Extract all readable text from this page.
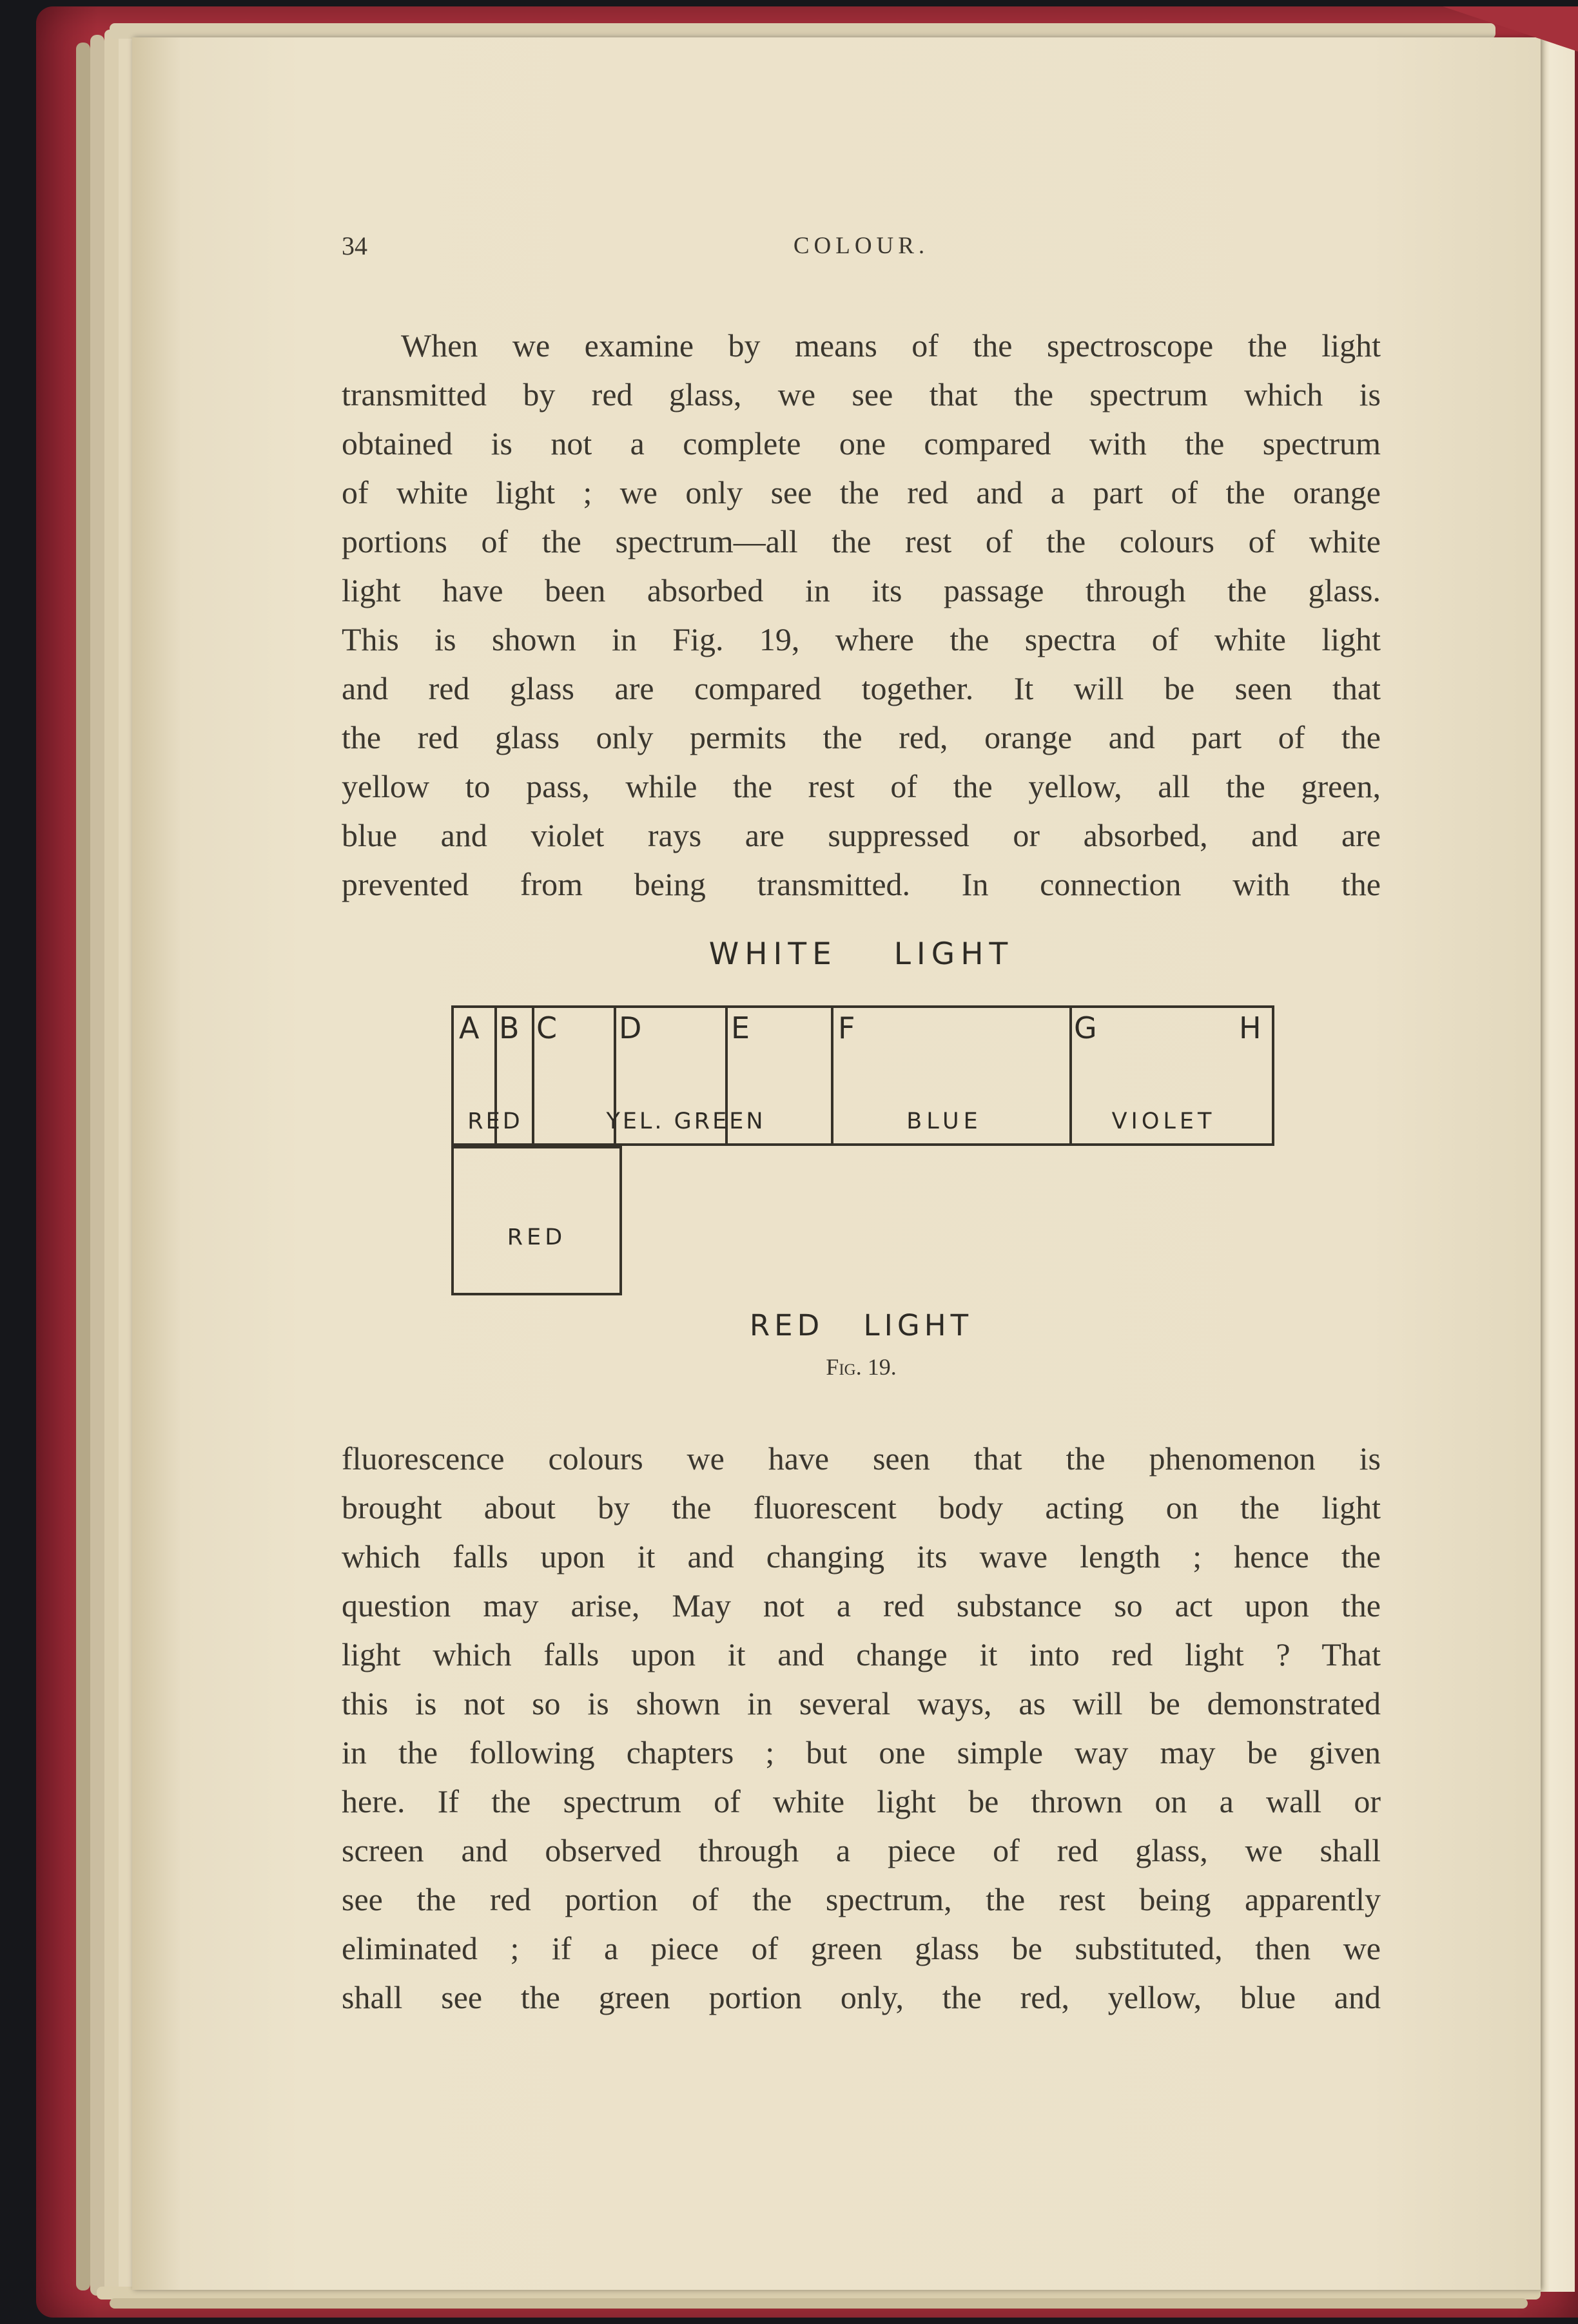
34	COLOUR.
When we examine by means of the spectroscope the light
transmitted by red glass, we see that the spectrum which is
obtained is not a complete one compared with the spectrum
of white light ; we only see the red and a part of the orange
portions of the spectrum—all the rest of the colours of white
light have been absorbed in its passage through the glass.
This is shown in Fig. 19, where the spectra of white light
and red glass are compared together. It will be seen that
the red glass only permits the red, orange and part of the
yellow to pass, while the rest of the yellow, all the green,
blue and violet rays are suppressed or absorbed, and are
prevented from being transmitted. In connection with the
WHITE LIGHT
A B C D	E	F	G	H
RED	YEL. GREEN	BLUE	VIOLET
RED
RED LIGHT
Fig. 19.
fluorescence colours we have seen that the phenomenon is
brought about by the fluorescent body acting on the light
which falls upon it and changing its wave length ; hence the
question may arise, May not a red substance so act upon the
light which falls upon it and change it into red light ? That
this is not so is shown in several ways, as will be demonstrated
in the following chapters ; but one simple way may be given
here. If the spectrum of white light be thrown on a wall or
screen and observed through a piece of red glass, we shall
see the red portion of the spectrum, the rest being apparently
eliminated ; if a piece of green glass be substituted, then we
shall see the green portion only, the red, yellow, blue and
